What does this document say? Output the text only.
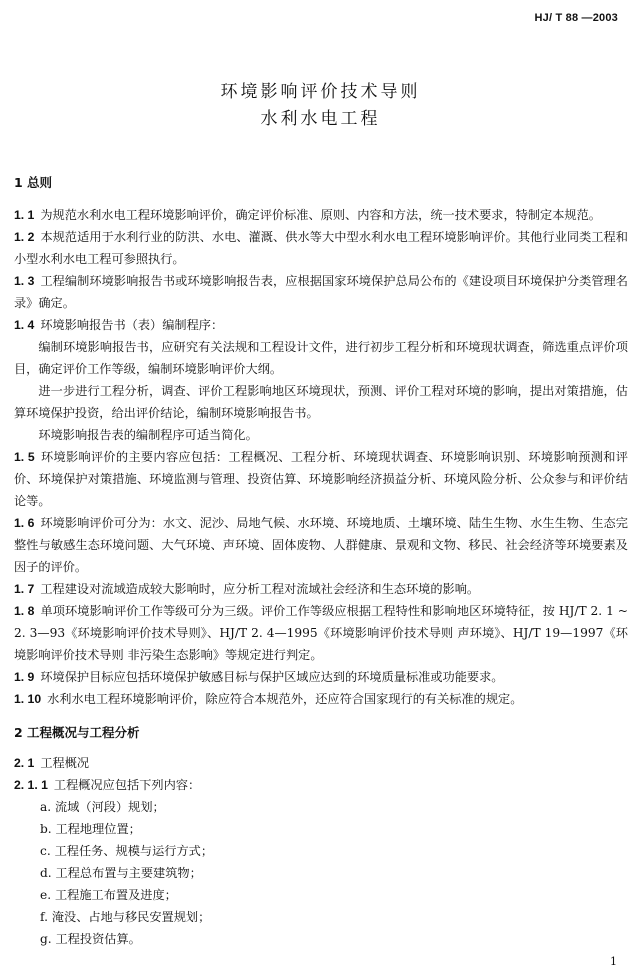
HJ/ T 88 —2003
环境影响评价技术导则
水利水电工程
1 总则
1. 1 为规范水利水电工程环境影响评价，确定评价标准、原则、内容和方法，统一技术要求，特制定本规范。
1. 2 本规范适用于水利行业的防洪、水电、灌溉、供水等大中型水利水电工程环境影响评价。其他行业同类工程和小型水利水电工程可参照执行。
1. 3 工程编制环境影响报告书或环境影响报告表，应根据国家环境保护总局公布的《建设项目环境保护分类管理名录》确定。
1. 4 环境影响报告书（表）编制程序：
编制环境影响报告书，应研究有关法规和工程设计文件，进行初步工程分析和环境现状调查，筛选重点评价项目，确定评价工作等级，编制环境影响评价大纲。
进一步进行工程分析，调查、评价工程影响地区环境现状，预测、评价工程对环境的影响，提出对策措施，估算环境保护投资，给出评价结论，编制环境影响报告书。
环境影响报告表的编制程序可适当简化。
1. 5 环境影响评价的主要内容应包括：工程概况、工程分析、环境现状调查、环境影响识别、环境影响预测和评价、环境保护对策措施、环境监测与管理、投资估算、环境影响经济损益分析、环境风险分析、公众参与和评价结论等。
1. 6 环境影响评价可分为：水文、泥沙、局地气候、水环境、环境地质、土壤环境、陆生生物、水生生物、生态完整性与敏感生态环境问题、大气环境、声环境、固体废物、人群健康、景观和文物、移民、社会经济等环境要素及因子的评价。
1. 7 工程建设对流域造成较大影响时，应分析工程对流域社会经济和生态环境的影响。
1. 8 单项环境影响评价工作等级可分为三级。评价工作等级应根据工程特性和影响地区环境特征，按 HJ/T 2. 1 ~ 2. 3—93《环境影响评价技术导则》、HJ/T 2. 4—1995《环境影响评价技术导则 声环境》、HJ/T 19—1997《环境影响评价技术导则 非污染生态影响》等规定进行判定。
1. 9 环境保护目标应包括环境保护敏感目标与保护区域应达到的环境质量标准或功能要求。
1. 10 水利水电工程环境影响评价，除应符合本规范外，还应符合国家现行的有关标准的规定。
2 工程概况与工程分析
2. 1 工程概况
2. 1. 1 工程概况应包括下列内容：
a. 流域（河段）规划；
b. 工程地理位置；
c. 工程任务、规模与运行方式；
d. 工程总布置与主要建筑物；
e. 工程施工布置及进度；
f. 淹没、占地与移民安置规划；
g. 工程投资估算。
1
